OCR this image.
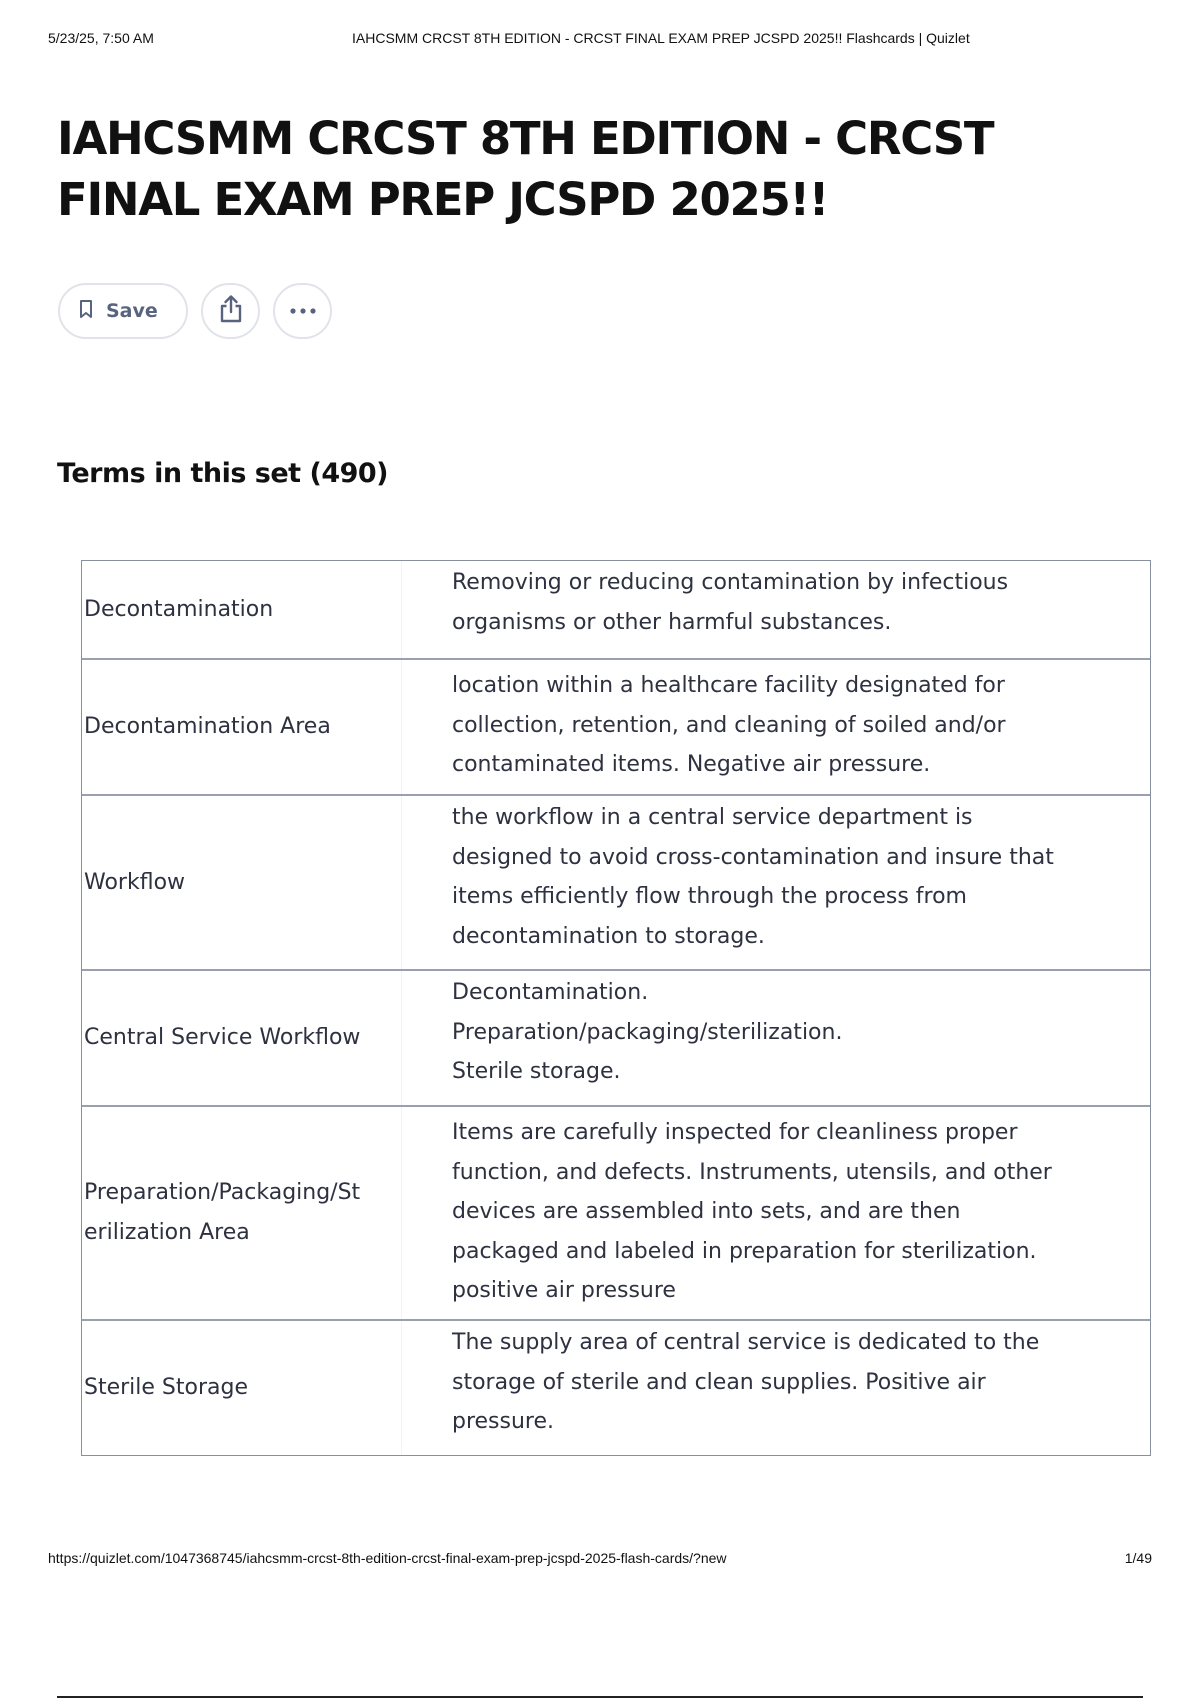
5/23/25, 7:50 AM	IAHCSMM CRCST 8TH EDITION - CRCST FINAL EXAM PREP JCSPD 2025!! Flashcards | Quizlet
IAHCSMM CRCST 8TH EDITION - CRCST FINAL EXAM PREP JCSPD 2025!!
Save
Terms in this set (490)
Decontamination
Removing or reducing contamination by infectious
organisms or other harmful substances.
Decontamination Area
location within a healthcare facility designated for
collection, retention, and cleaning of soiled and/or
contaminated items. Negative air pressure.
Workflow
the workflow in a central service department is
designed to avoid cross-contamination and insure that
items efficiently flow through the process from
decontamination to storage.
Central Service Workflow
Decontamination.
Preparation/packaging/sterilization.
Sterile storage.
Preparation/Packaging/St
erilization Area
Items are carefully inspected for cleanliness proper
function, and defects. Instruments, utensils, and other
devices are assembled into sets, and are then
packaged and labeled in preparation for sterilization.
positive air pressure
Sterile Storage
The supply area of central service is dedicated to the
storage of sterile and clean supplies. Positive air
pressure.
https://quizlet.com/1047368745/iahcsmm-crcst-8th-edition-crcst-final-exam-prep-jcspd-2025-flash-cards/?new	1/49
